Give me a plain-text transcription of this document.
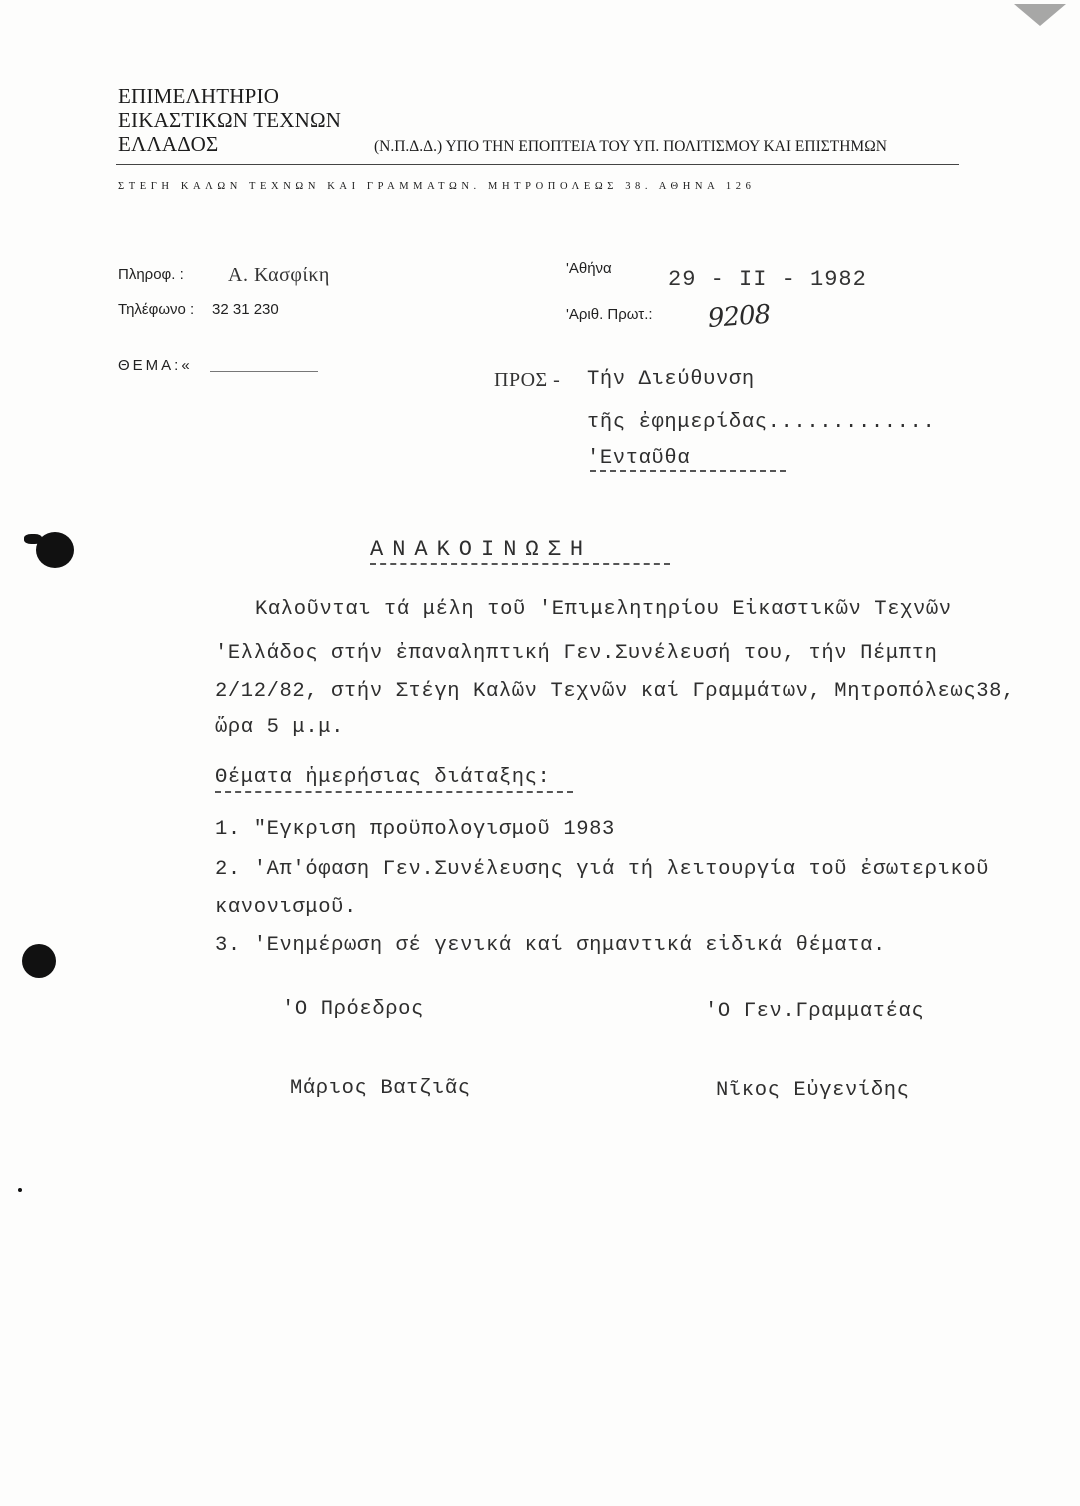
ΕΠΙΜΕΛΗΤΗΡΙΟ
ΕΙΚΑΣΤΙΚΩΝ ΤΕΧΝΩΝ
ΕΛΛΑΔΟΣ	(Ν.Π.Δ.Δ.) ΥΠΟ ΤΗΝ ΕΠΟΠΤΕΙΑ ΤΟΥ ΥΠ. ΠΟΛΙΤΙΣΜΟΥ ΚΑΙ ΕΠΙΣΤΗΜΩΝ
ΣΤΕΓΗ ΚΑΛΩΝ ΤΕΧΝΩΝ ΚΑΙ ΓΡΑΜΜΑΤΩΝ. ΜΗΤΡΟΠΟΛΕΩΣ 38. ΑΘΗΝΑ 126
Πληροφ. : Α. Κασφίκη
Τηλέφωνο : 32 31 230
ΘΕΜΑ:«
'Αθήνα	29 - II - 1982
'Αριθ. Πρωτ.: 9208
ΠΡΟΣ - Τήν Διεύθυνση
τῆς ἐφημερίδας.............
'Ενταῦθα
ΑΝΑΚΟΙΝΩΣΗ
Καλοῦνται τά μέλη τοῦ 'Επιμελητηρίου Εἰκαστικῶν Τεχνῶν
'Ελλάδος στήν ἐπαναληπτική Γεν.Συνέλευσή του, τήν Πέμπτη
2/12/82, στήν Στέγη Καλῶν Τεχνῶν καί Γραμμάτων, Μητροπόλεως38,
ὥρα 5 μ.μ.
Θέματα ἡμερήσιας διάταξης:
1. "Εγκριση προϋπολογισμοῦ 1983
2. 'Απ'όφαση Γεν.Συνέλευσης γιά τή λειτουργία τοῦ ἐσωτερικοῦ
κανονισμοῦ.
3. 'Ενημέρωση σέ γενικά καί σημαντικά εἰδικά θέματα.
'Ο Πρόεδρος
Μάριος Βατζιᾶς
'Ο Γεν.Γραμματέας
Νῖκος Εὐγενίδης
